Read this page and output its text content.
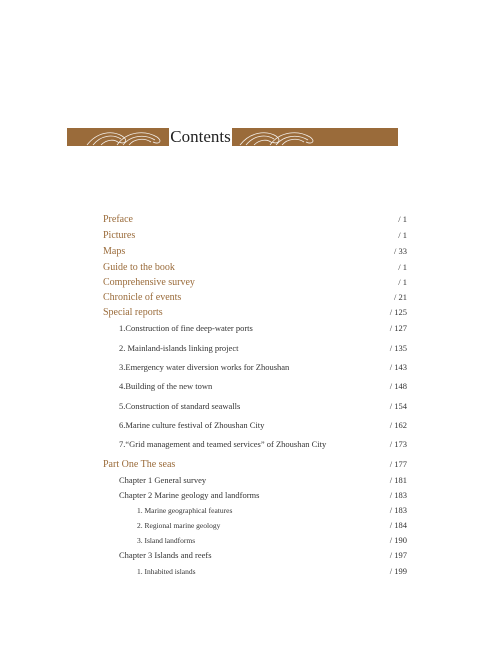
Contents
Preface	/ 1
Pictures	/ 1
Maps	/ 33
Guide to the book	/ 1
Comprehensive survey	/ 1
Chronicle of events	/ 21
Special reports	/ 125
1.Construction of fine deep-water ports	/ 127
2. Mainland-islands linking project	/ 135
3.Emergency water diversion works for Zhoushan	/ 143
4.Building of the new town	/ 148
5.Construction of standard seawalls	/ 154
6.Marine culture festival of Zhoushan City	/ 162
7.“Grid management and teamed services” of Zhoushan City	/ 173
Part One The seas	/ 177
Chapter 1 General survey	/ 181
Chapter 2 Marine geology and landforms	/ 183
1. Marine geographical features	/ 183
2. Regional marine geology	/ 184
3. Island landforms	/ 190
Chapter 3 Islands and reefs	/ 197
1. Inhabited islands	/ 199
